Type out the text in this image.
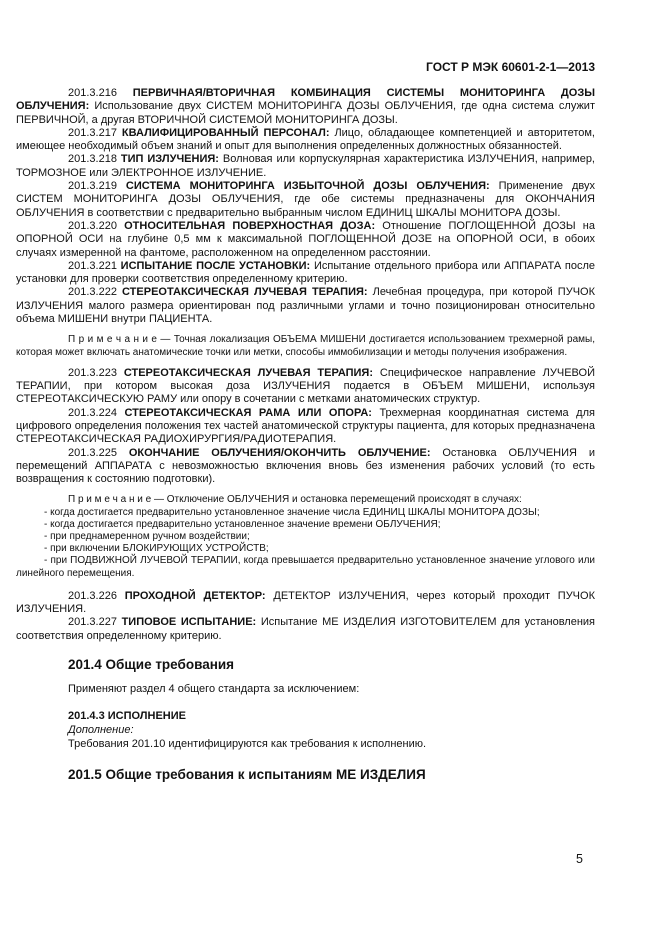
ГОСТ Р МЭК 60601-2-1—2013

201.3.216 ПЕРВИЧНАЯ/ВТОРИЧНАЯ КОМБИНАЦИЯ СИСТЕМЫ МОНИТОРИНГА ДОЗЫ ОБЛУЧЕНИЯ: Использование двух СИСТЕМ МОНИТОРИНГА ДОЗЫ ОБЛУЧЕНИЯ, где одна система служит ПЕРВИЧНОЙ, а другая ВТОРИЧНОЙ СИСТЕМОЙ МОНИТОРИНГА ДОЗЫ.

201.3.217 КВАЛИФИЦИРОВАННЫЙ ПЕРСОНАЛ: Лицо, обладающее компетенцией и авторитетом, имеющее необходимый объем знаний и опыт для выполнения определенных должностных обязанностей.

201.3.218 ТИП ИЗЛУЧЕНИЯ: Волновая или корпускулярная характеристика ИЗЛУЧЕНИЯ, например, ТОРМОЗНОЕ или ЭЛЕКТРОННОЕ ИЗЛУЧЕНИЕ.

201.3.219 СИСТЕМА МОНИТОРИНГА ИЗБЫТОЧНОЙ ДОЗЫ ОБЛУЧЕНИЯ: Применение двух СИСТЕМ МОНИТОРИНГА ДОЗЫ ОБЛУЧЕНИЯ, где обе системы предназначены для ОКОНЧАНИЯ ОБЛУЧЕНИЯ в соответствии с предварительно выбранным числом ЕДИНИЦ ШКАЛЫ МОНИТОРА ДОЗЫ.

201.3.220 ОТНОСИТЕЛЬНАЯ ПОВЕРХНОСТНАЯ ДОЗА: Отношение ПОГЛОЩЕННОЙ ДОЗЫ на ОПОРНОЙ ОСИ на глубине 0,5 мм к максимальной ПОГЛОЩЕННОЙ ДОЗЕ на ОПОРНОЙ ОСИ, в обоих случаях измеренной на фантоме, расположенном на определенном расстоянии.

201.3.221 ИСПЫТАНИЕ ПОСЛЕ УСТАНОВКИ: Испытание отдельного прибора или АППАРАТА после установки для проверки соответствия определенному критерию.

201.3.222 СТЕРЕОТАКСИЧЕСКАЯ ЛУЧЕВАЯ ТЕРАПИЯ: Лечебная процедура, при которой ПУЧОК ИЗЛУЧЕНИЯ малого размера ориентирован под различными углами и точно позиционирован относительно объема МИШЕНИ внутри ПАЦИЕНТА.

П р и м е ч а н и е — Точная локализация ОБЪЕМА МИШЕНИ достигается использованием трехмерной рамы, которая может включать анатомические точки или метки, способы иммобилизации и методы получения изображения.

201.3.223 СТЕРЕОТАКСИЧЕСКАЯ ЛУЧЕВАЯ ТЕРАПИЯ: Специфическое направление ЛУЧЕВОЙ ТЕРАПИИ, при котором высокая доза ИЗЛУЧЕНИЯ подается в ОБЪЕМ МИШЕНИ, используя СТЕРЕОТАКСИЧЕСКУЮ РАМУ или опору в сочетании с метками анатомических структур.

201.3.224 СТЕРЕОТАКСИЧЕСКАЯ РАМА ИЛИ ОПОРА: Трехмерная координатная система для цифрового определения положения тех частей анатомической структуры пациента, для которых предназначена СТЕРЕОТАКСИЧЕСКАЯ РАДИОХИРУРГИЯ/РАДИОТЕРАПИЯ.

201.3.225 ОКОНЧАНИЕ ОБЛУЧЕНИЯ/ОКОНЧИТЬ ОБЛУЧЕНИЕ: Остановка ОБЛУЧЕНИЯ и перемещений АППАРАТА с невозможностью включения вновь без изменения рабочих условий (то есть возвращения к состоянию подготовки).

П р и м е ч а н и е — Отключение ОБЛУЧЕНИЯ и остановка перемещений происходят в случаях:

- когда достигается предварительно установленное значение числа ЕДИНИЦ ШКАЛЫ МОНИТОРА ДОЗЫ;

- когда достигается предварительно установленное значение времени ОБЛУЧЕНИЯ;

- при преднамеренном ручном воздействии;

- при включении БЛОКИРУЮЩИХ УСТРОЙСТВ;

- при ПОДВИЖНОЙ ЛУЧЕВОЙ ТЕРАПИИ, когда превышается предварительно установленное значение углового или линейного перемещения.

201.3.226 ПРОХОДНОЙ ДЕТЕКТОР: ДЕТЕКТОР ИЗЛУЧЕНИЯ, через который проходит ПУЧОК ИЗЛУЧЕНИЯ.

201.3.227 ТИПОВОЕ ИСПЫТАНИЕ: Испытание МЕ ИЗДЕЛИЯ ИЗГОТОВИТЕЛЕМ для установления соответствия определенному критерию.

201.4 Общие требования

Применяют раздел 4 общего стандарта за исключением:

201.4.3 ИСПОЛНЕНИЕ

Дополнение:

Требования 201.10 идентифицируются как требования к исполнению.

201.5 Общие требования к испытаниям МЕ ИЗДЕЛИЯ
5
